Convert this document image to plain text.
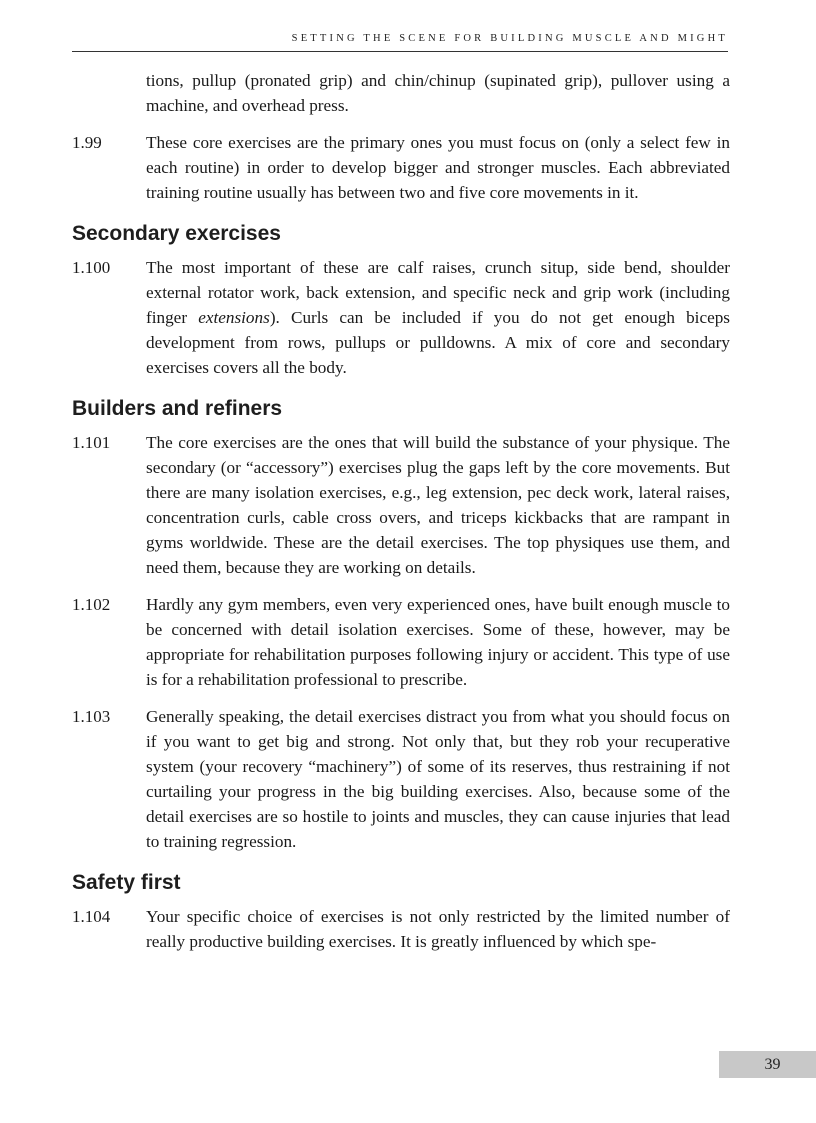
SETTING THE SCENE FOR BUILDING MUSCLE AND MIGHT
tions, pullup (pronated grip) and chin/chinup (supinated grip), pullover using a machine, and overhead press.
1.99	These core exercises are the primary ones you must focus on (only a select few in each routine) in order to develop bigger and stronger muscles. Each abbreviated training routine usually has between two and five core movements in it.
Secondary exercises
1.100	The most important of these are calf raises, crunch situp, side bend, shoulder external rotator work, back extension, and specific neck and grip work (including finger extensions). Curls can be included if you do not get enough biceps development from rows, pullups or pulldowns. A mix of core and secondary exercises covers all the body.
Builders and refiners
1.101	The core exercises are the ones that will build the substance of your physique. The secondary (or “accessory”) exercises plug the gaps left by the core movements. But there are many isolation exercises, e.g., leg extension, pec deck work, lateral raises, concentration curls, cable cross overs, and triceps kickbacks that are rampant in gyms worldwide. These are the detail exercises. The top physiques use them, and need them, because they are working on details.
1.102	Hardly any gym members, even very experienced ones, have built enough muscle to be concerned with detail isolation exercises. Some of these, however, may be appropriate for rehabilitation purposes following injury or accident. This type of use is for a rehabilitation professional to prescribe.
1.103	Generally speaking, the detail exercises distract you from what you should focus on if you want to get big and strong. Not only that, but they rob your recuperative system (your recovery “machinery”) of some of its reserves, thus restraining if not curtailing your progress in the big building exercises. Also, because some of the detail exercises are so hostile to joints and muscles, they can cause injuries that lead to training regression.
Safety first
1.104	Your specific choice of exercises is not only restricted by the limited number of really productive building exercises. It is greatly influenced by which spe-
39
